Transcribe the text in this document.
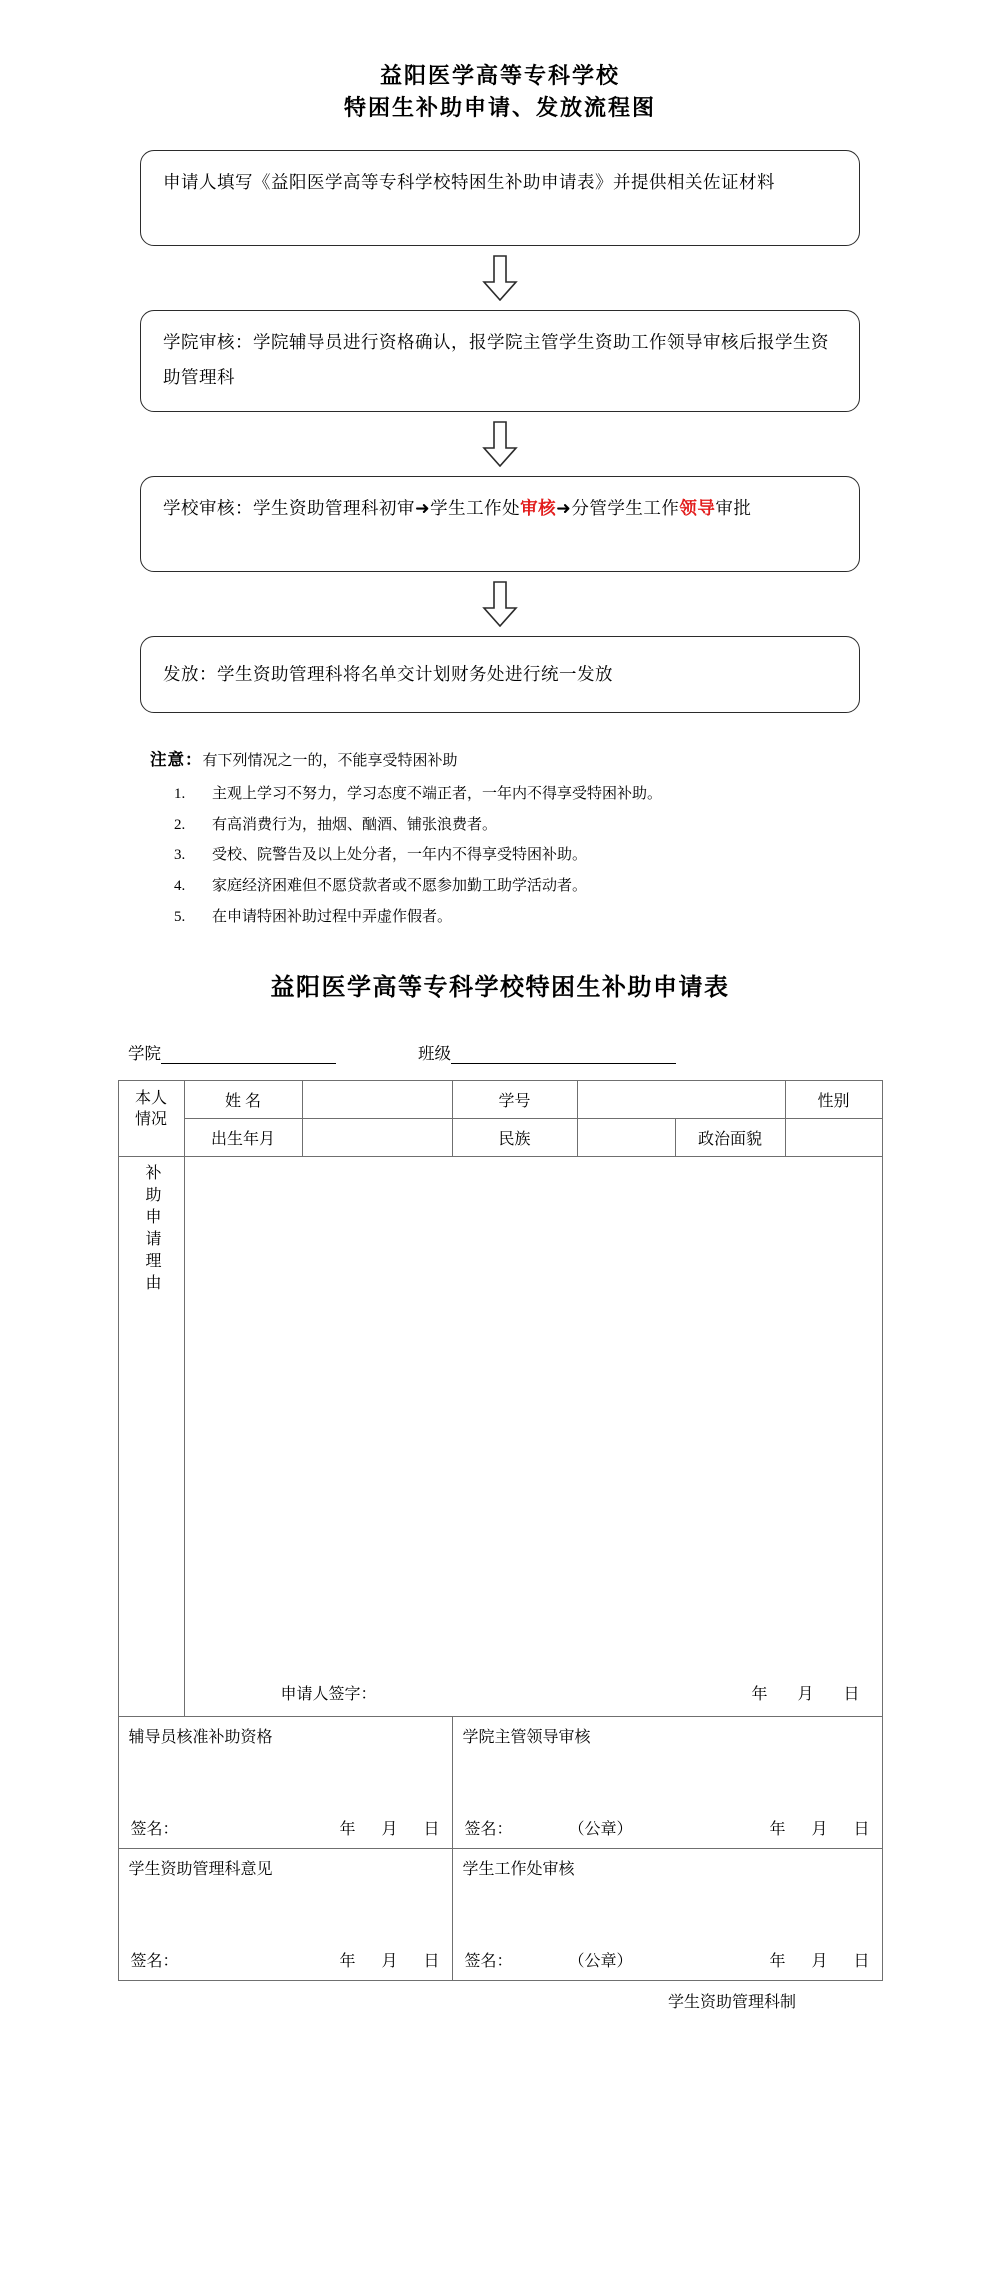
益阳医学高等专科学校
特困生补助申请、发放流程图
申请人填写《益阳医学高等专科学校特困生补助申请表》并提供相关佐证材料
学院审核：学院辅导员进行资格确认，报学院主管学生资助工作领导审核后报学生资助管理科
学校审核：学生资助管理科初审➜学生工作处审核➜分管学生工作领导审批
发放：学生资助管理科将名单交计划财务处进行统一发放
注意：有下列情况之一的，不能享受特困补助
主观上学习不努力，学习态度不端正者，一年内不得享受特困补助。
有高消费行为，抽烟、酗酒、铺张浪费者。
受校、院警告及以上处分者，一年内不得享受特困补助。
家庭经济困难但不愿贷款者或不愿参加勤工助学活动者。
在申请特困补助过程中弄虚作假者。
益阳医学高等专科学校特困生补助申请表
学院	班级
本人
情况	姓 名		学号			性别
	出生年月		民族		政治面貌	
补助申请理由	申请人签字： 年 月 日					

辅导员核准补助资格
签名：	年 月 日

学院主管领导审核
签名：	（公章）	年 月 日

学生资助管理科意见
签名：	年 月 日

学生工作处审核
签名：	（公章）	年 月 日
学生资助管理科制
